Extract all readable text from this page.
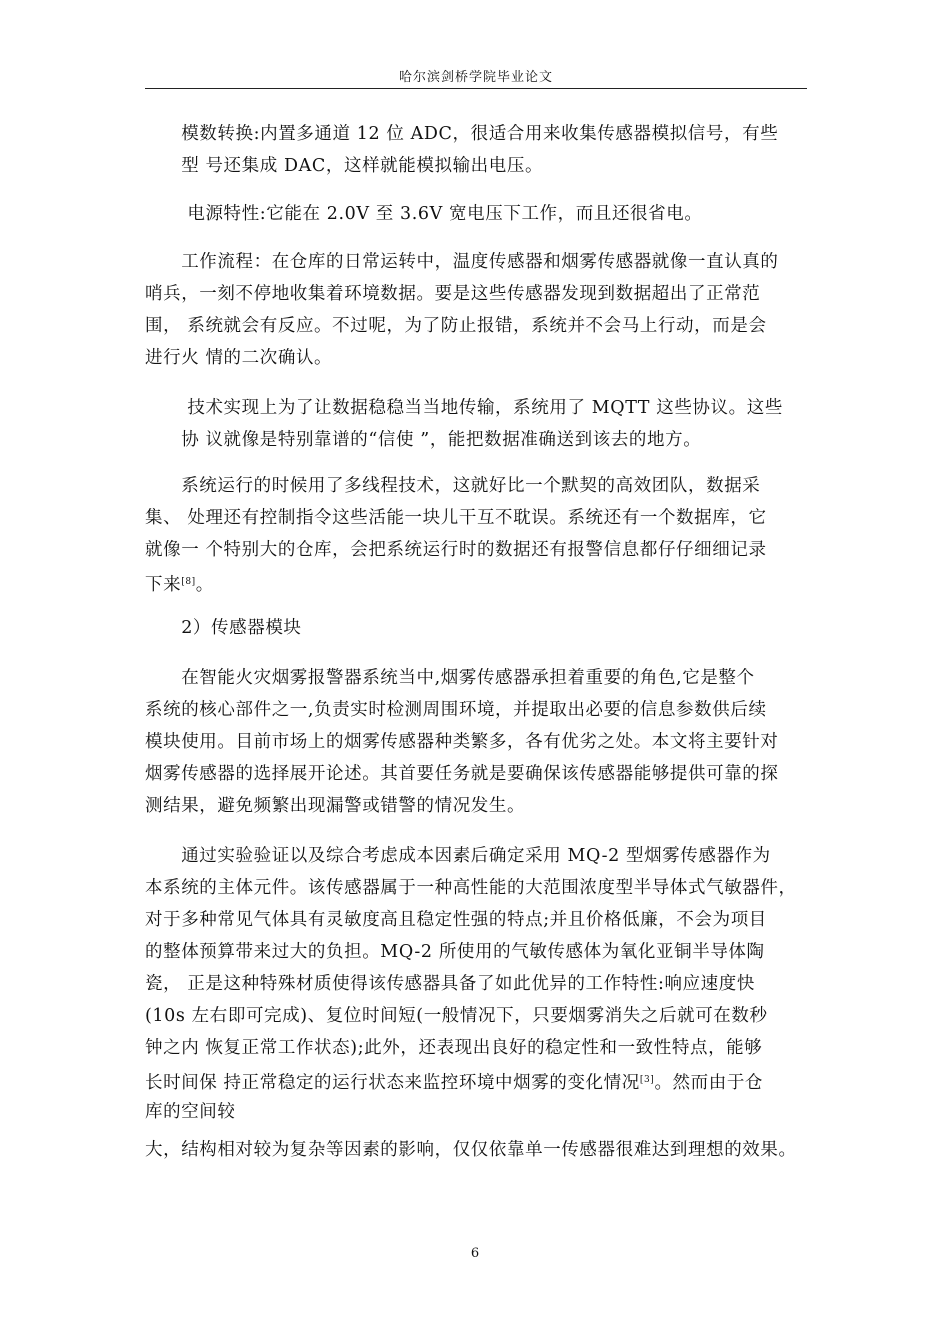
哈尔滨剑桥学院毕业论文
　　模数转换:内置多通道 12 位 ADC，很适合用来收集传感器模拟信号，有些
　　型 号还集成 DAC，这样就能模拟输出电压。
　　 电源特性:它能在 2.0V 至 3.6V 宽电压下工作，而且还很省电。
　　工作流程：在仓库的日常运转中，温度传感器和烟雾传感器就像一直认真的
哨兵，一刻不停地收集着环境数据。要是这些传感器发现到数据超出了正常范
围， 系统就会有反应。不过呢，为了防止报错，系统并不会马上行动，而是会
进行火 情的二次确认。
　　 技术实现上为了让数据稳稳当当地传输，系统用了 MQTT 这些协议。这些
　　协 议就像是特别靠谱的“信使 ”，能把数据准确送到该去的地方。
　　系统运行的时候用了多线程技术，这就好比一个默契的高效团队，数据采
集、 处理还有控制指令这些活能一块儿干互不耽误。系统还有一个数据库，它
就像一 个特别大的仓库，会把系统运行时的数据还有报警信息都仔仔细细记录
下来[8]。
　　2）传感器模块
　　在智能火灾烟雾报警器系统当中,烟雾传感器承担着重要的角色,它是整个
系统的核心部件之一,负责实时检测周围环境，并提取出必要的信息参数供后续
模块使用。目前市场上的烟雾传感器种类繁多，各有优劣之处。本文将主要针对
烟雾传感器的选择展开论述。其首要任务就是要确保该传感器能够提供可靠的探
测结果，避免频繁出现漏警或错警的情况发生。
　　通过实验验证以及综合考虑成本因素后确定采用 MQ-2 型烟雾传感器作为
本系统的主体元件。该传感器属于一种高性能的大范围浓度型半导体式气敏器件，
对于多种常见气体具有灵敏度高且稳定性强的特点;并且价格低廉，不会为项目
的整体预算带来过大的负担。MQ-2 所使用的气敏传感体为氧化亚铜半导体陶
瓷， 正是这种特殊材质使得该传感器具备了如此优异的工作特性:响应速度快
(10s 左右即可完成)、复位时间短(一般情况下，只要烟雾消失之后就可在数秒
钟之内 恢复正常工作状态);此外，还表现出良好的稳定性和一致性特点，能够
长时间保 持正常稳定的运行状态来监控环境中烟雾的变化情况[3]。然而由于仓
库的空间较
大，结构相对较为复杂等因素的影响，仅仅依靠单一传感器很难达到理想的效果。
6
